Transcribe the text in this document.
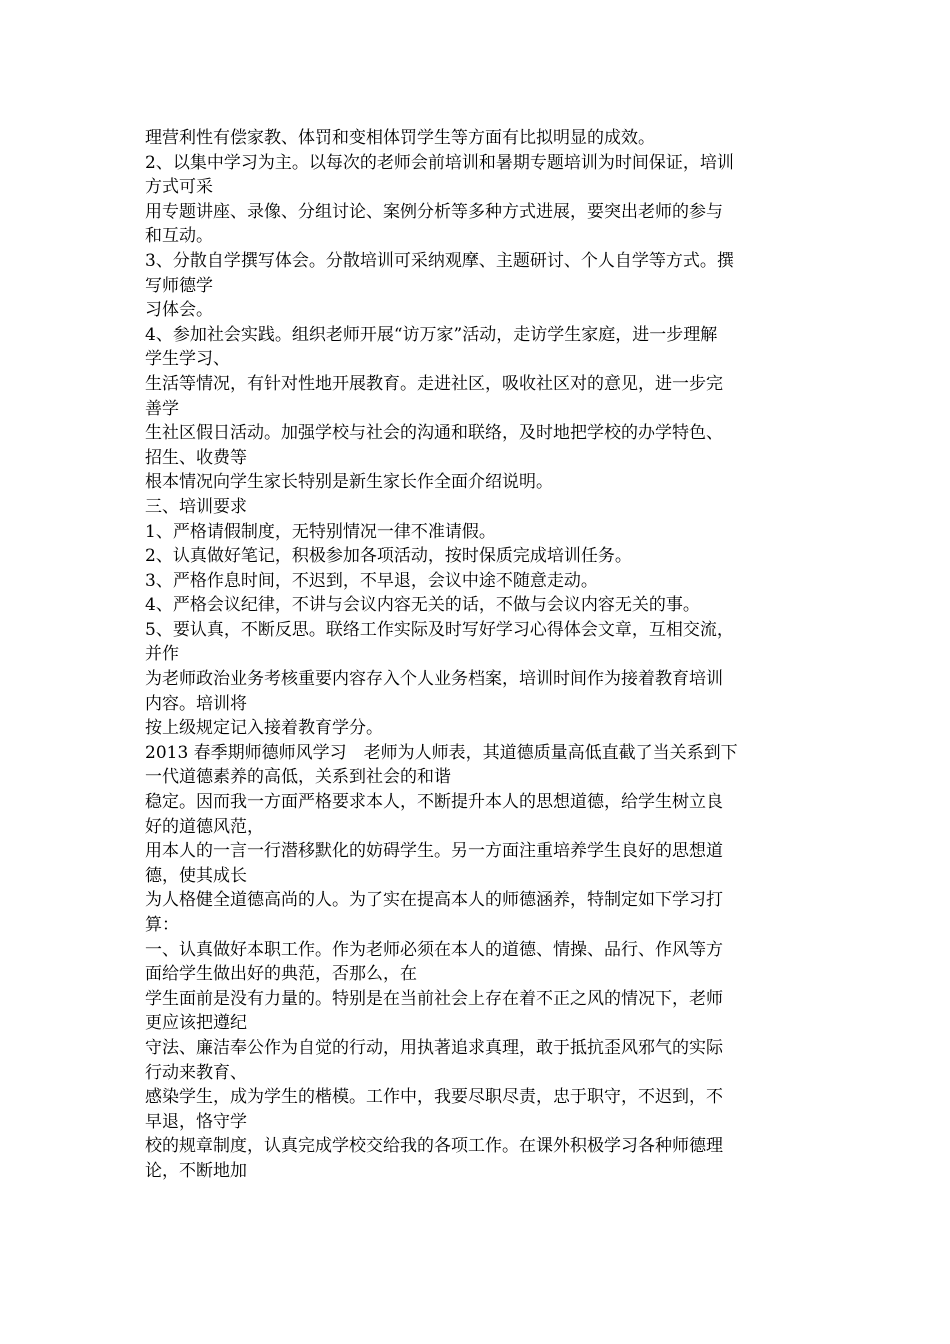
理营利性有偿家教、体罚和变相体罚学生等方面有比拟明显的成效。
2、以集中学习为主。以每次的老师会前培训和暑期专题培训为时间保证，培训
方式可采
用专题讲座、录像、分组讨论、案例分析等多种方式进展，要突出老师的参与
和互动。
3、分散自学撰写体会。分散培训可采纳观摩、主题研讨、个人自学等方式。撰
写师德学
习体会。
4、参加社会实践。组织老师开展“访万家”活动，走访学生家庭，进一步理解
学生学习、
生活等情况，有针对性地开展教育。走进社区，吸收社区对的意见，进一步完
善学
生社区假日活动。加强学校与社会的沟通和联络，及时地把学校的办学特色、
招生、收费等
根本情况向学生家长特别是新生家长作全面介绍说明。
三、培训要求
1、严格请假制度，无特别情况一律不准请假。
2、认真做好笔记，积极参加各项活动，按时保质完成培训任务。
3、严格作息时间，不迟到，不早退，会议中途不随意走动。
4、严格会议纪律，不讲与会议内容无关的话，不做与会议内容无关的事。
5、要认真，不断反思。联络工作实际及时写好学习心得体会文章，互相交流，
并作
为老师政治业务考核重要内容存入个人业务档案，培训时间作为接着教育培训
内容。培训将
按上级规定记入接着教育学分。
2013 春季期师德师风学习　老师为人师表，其道德质量高低直截了当关系到下
一代道德素养的高低，关系到社会的和谐
稳定。因而我一方面严格要求本人，不断提升本人的思想道德，给学生树立良
好的道德风范，
用本人的一言一行潜移默化的妨碍学生。另一方面注重培养学生良好的思想道
德，使其成长
为人格健全道德高尚的人。为了实在提高本人的师德涵养，特制定如下学习打
算：
一、认真做好本职工作。作为老师必须在本人的道德、情操、品行、作风等方
面给学生做出好的典范，否那么，在
学生面前是没有力量的。特别是在当前社会上存在着不正之风的情况下，老师
更应该把遵纪
守法、廉洁奉公作为自觉的行动，用执著追求真理，敢于抵抗歪风邪气的实际
行动来教育、
感染学生，成为学生的楷模。工作中，我要尽职尽责，忠于职守，不迟到，不
早退，恪守学
校的规章制度，认真完成学校交给我的各项工作。在课外积极学习各种师德理
论，不断地加
